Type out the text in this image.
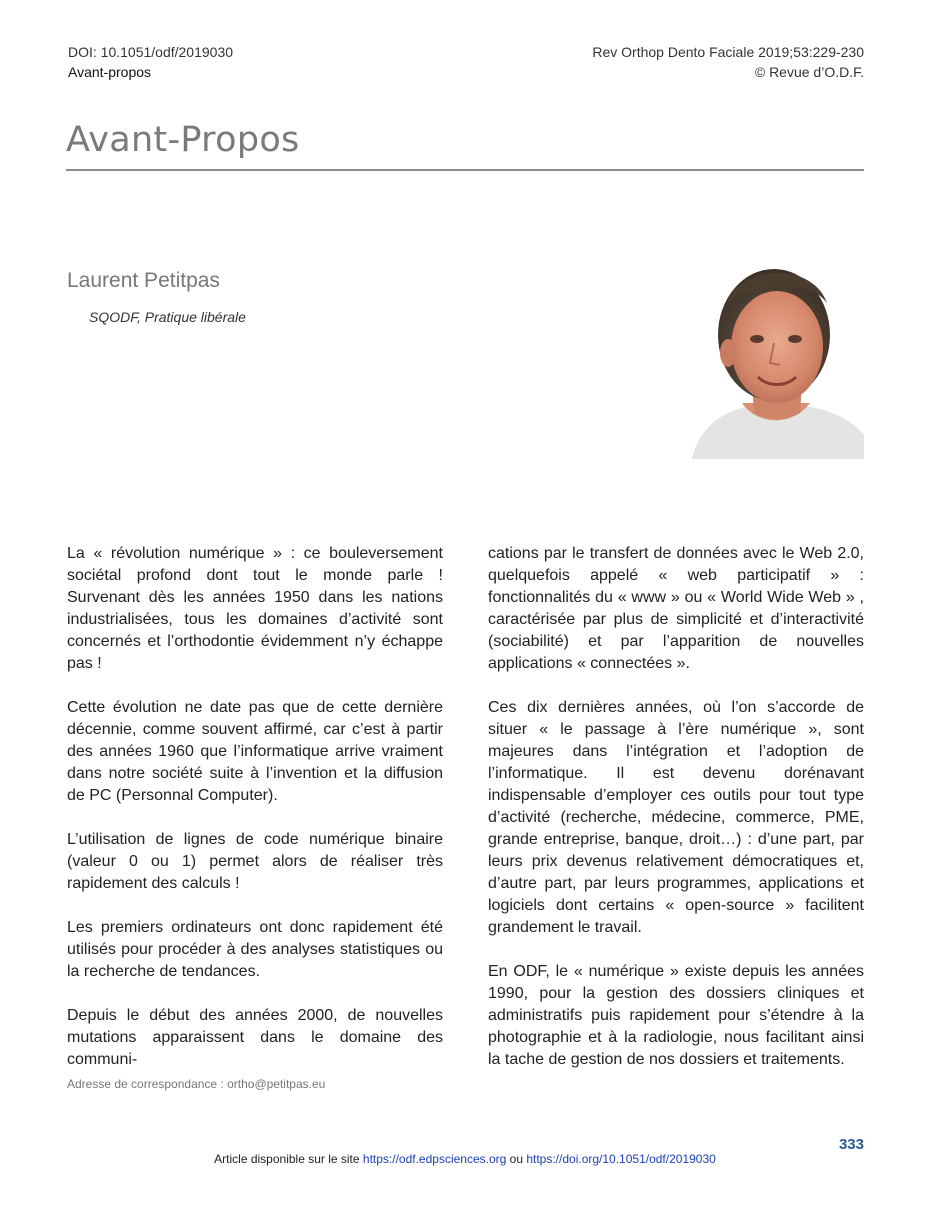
DOI: 10.1051/odf/2019030
Avant-propos
Rev Orthop Dento Faciale 2019;53:229-230
© Revue d’O.D.F.
Avant-Propos
Laurent Petitpas
SQODF, Pratique libérale

La « révolution numérique » : ce bouleversement sociétal profond dont tout le monde parle ! Survenant dès les années 1950 dans les nations industrialisées, tous les domaines d’activité sont concernés et l’orthodontie évidemment n’y échappe pas !

Cette évolution ne date pas que de cette dernière décennie, comme souvent affirmé, car c’est à partir des années 1960 que l’informatique arrive vraiment dans notre société suite à l’invention et la diffusion de PC (Personnal Computer).

L’utilisation de lignes de code numérique binaire (valeur 0 ou 1) permet alors de réaliser très rapidement des calculs !

Les premiers ordinateurs ont donc rapidement été utilisés pour procéder à des analyses statistiques ou la recherche de tendances.

Depuis le début des années 2000, de nouvelles mutations apparaissent dans le domaine des communi-

cations par le transfert de données avec le Web 2.0, quelquefois appelé « web participatif » : fonctionnalités du « www » ou « World Wide Web » , caractérisée par plus de simplicité et d’interactivité (sociabilité) et par l’apparition de nouvelles applications « connectées ».

Ces dix dernières années, où l’on s’accorde de situer « le passage à l’ère numérique », sont majeures dans l’intégration et l’adoption de l’informatique. Il est devenu dorénavant indispensable d’employer ces outils pour tout type d’activité (recherche, médecine, commerce, PME, grande entreprise, banque, droit…) : d’une part, par leurs prix devenus relativement démocratiques et, d’autre part, par leurs programmes, applications et logiciels dont certains « open-source » facilitent grandement le travail.

En ODF, le « numérique » existe depuis les années 1990, pour la gestion des dossiers cliniques et administratifs puis rapidement pour s’étendre à la photographie et à la radiologie, nous facilitant ainsi la tache de gestion de nos dossiers et traitements.

Adresse de correspondance : ortho@petitpas.eu
333
Article disponible sur le site https://odf.edpsciences.org ou https://doi.org/10.1051/odf/2019030
